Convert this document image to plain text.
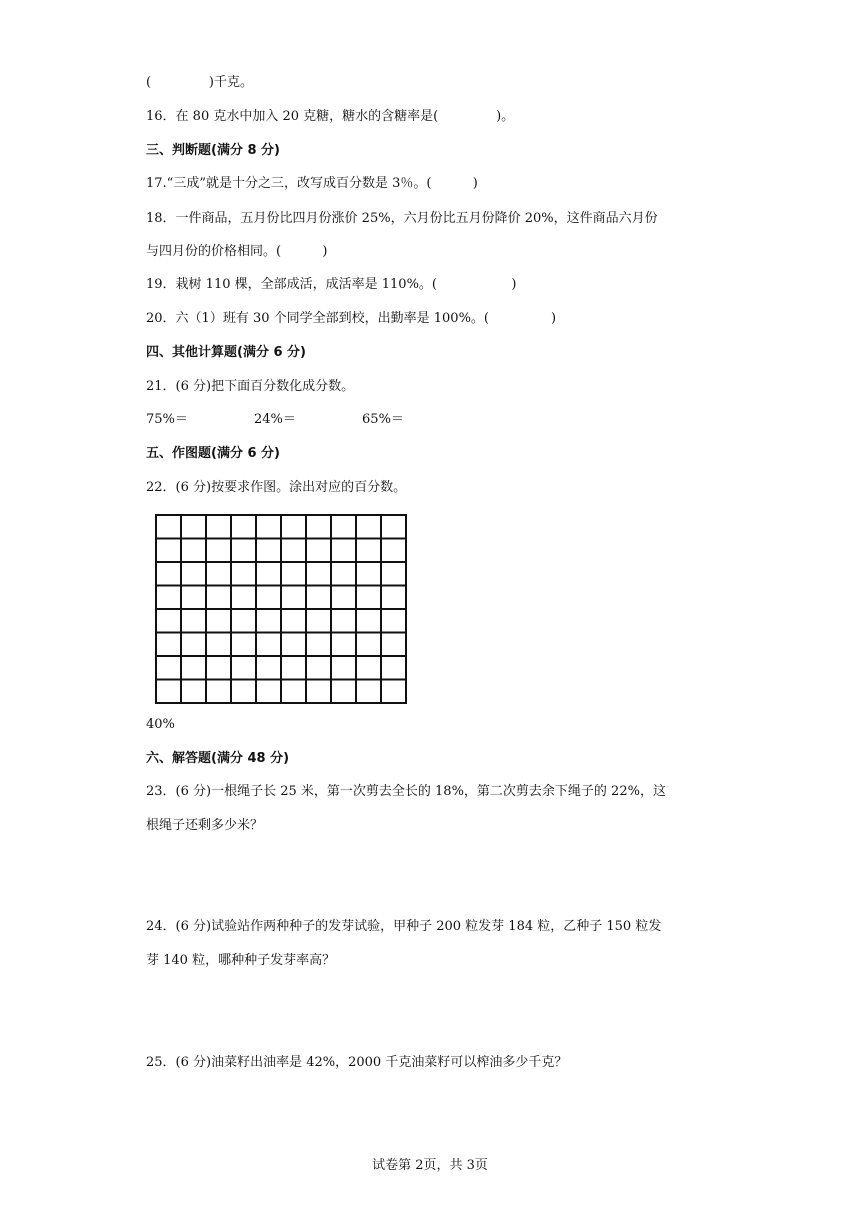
(              )千克。
16．在 80 克水中加入 20 克糖，糖水的含糖率是(              )。
三、判断题(满分 8 分)
17.“三成”就是十分之三，改写成百分数是 3％。(          )
18．一件商品，五月份比四月份涨价 25%，六月份比五月份降价 20%，这件商品六月份
与四月份的价格相同。(          )
19．栽树 110 棵，全部成活，成活率是 110%。(                  )
20．六（1）班有 30 个同学全部到校，出勤率是 100%。(               )
四、其他计算题(满分 6 分)
21．(6 分)把下面百分数化成分数。
75%＝                24%＝                65%＝
五、作图题(满分 6 分)
22．(6 分)按要求作图。涂出对应的百分数。
40%
六、解答题(满分 48 分)
23．(6 分)一根绳子长 25 米，第一次剪去全长的 18%，第二次剪去余下绳子的 22%，这
根绳子还剩多少米？
24．(6 分)试验站作两种种子的发芽试验，甲种子 200 粒发芽 184 粒，乙种子 150 粒发
芽 140 粒，哪种种子发芽率高？
25．(6 分)油菜籽出油率是 42%，2000 千克油菜籽可以榨油多少千克？
试卷第 2页，共 3页
